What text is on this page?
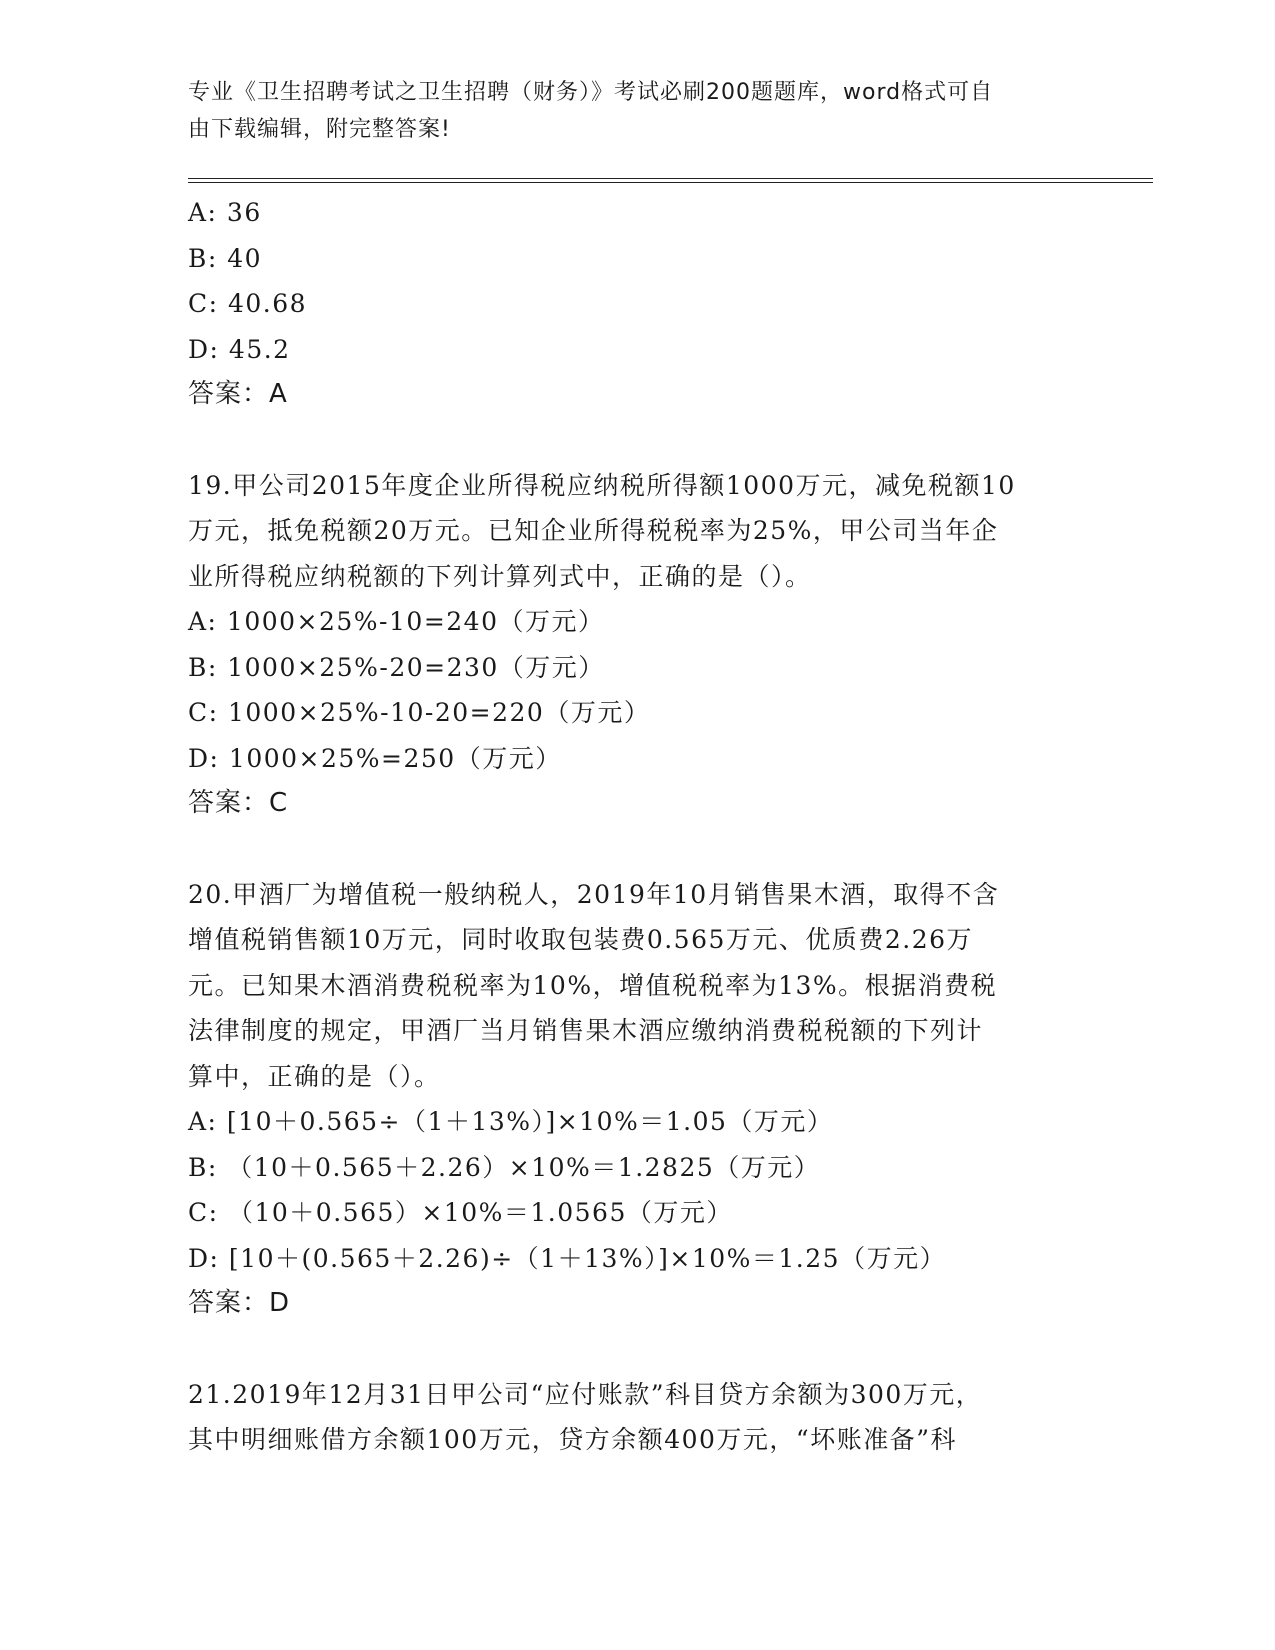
专业《卫生招聘考试之卫生招聘（财务）》考试必刷200题题库，word格式可自
由下载编辑，附完整答案!
A: 36
B: 40
C: 40.68
D: 45.2
答案：A
19.甲公司2015年度企业所得税应纳税所得额1000万元，减免税额10
万元，抵免税额20万元。已知企业所得税税率为25%，甲公司当年企
业所得税应纳税额的下列计算列式中，正确的是（）。
A: 1000×25%-10=240（万元）
B: 1000×25%-20=230（万元）
C: 1000×25%-10-20=220（万元）
D: 1000×25%=250（万元）
答案：C
20.甲酒厂为增值税一般纳税人，2019年10月销售果木酒，取得不含
增值税销售额10万元，同时收取包装费0.565万元、优质费2.26万
元。已知果木酒消费税税率为10%，增值税税率为13%。根据消费税
法律制度的规定，甲酒厂当月销售果木酒应缴纳消费税税额的下列计
算中，正确的是（）。
A: [10＋0.565÷（1＋13%）]×10%＝1.05（万元）
B: （10＋0.565＋2.26）×10%＝1.2825（万元）
C: （10＋0.565）×10%＝1.0565（万元）
D: [10＋(0.565＋2.26)÷（1＋13%）]×10%＝1.25（万元）
答案：D
21.2019年12月31日甲公司“应付账款”科目贷方余额为300万元，
其中明细账借方余额100万元，贷方余额400万元，“坏账准备”科
